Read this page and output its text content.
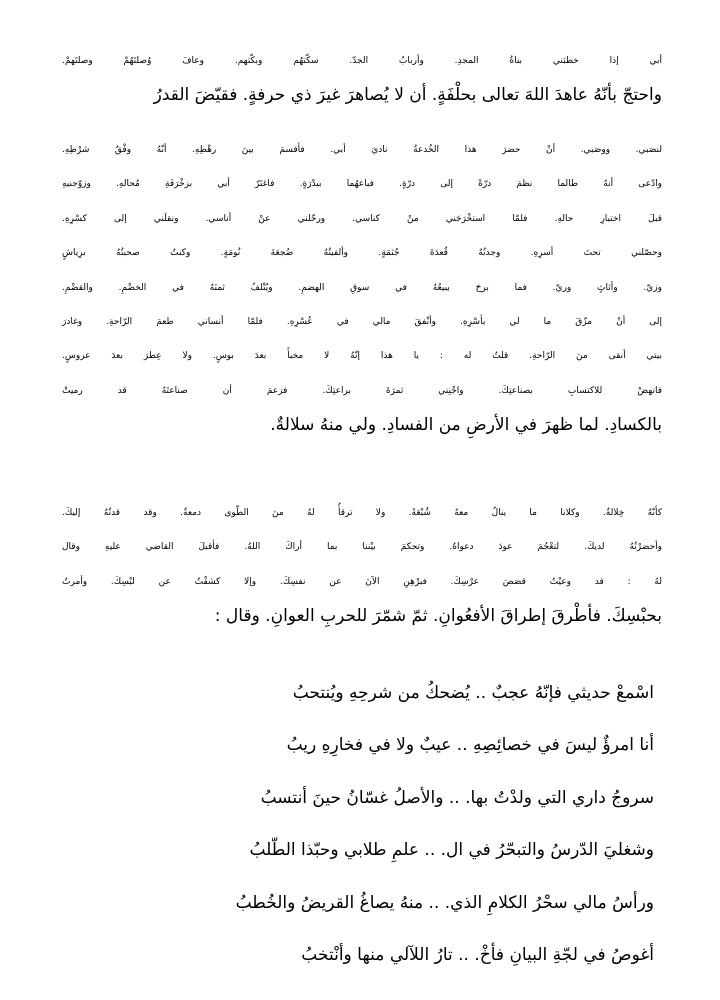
أبي إذا خطبَني بناةُ المجدِ. وأربابُ الجدّ. سكّتهُم وبكّتهم. وعافَ وُصلتَهُمْ وصلتَهمْ.
واحتجّ بأنّهُ عاهدَ اللهَ تعالى بحلْفَةٍ. أن لا يُصاهرَ غيرَ ذي حرفةٍ. فقيّضَ القدرُ
لنصَبي. ووصَبي. أنْ حضرَ هذا الخُدعةُ ناديَ أبي. فأقسمَ بينَ رهْطِهِ. أنّهُ وفْقُ شرْطِهِ.
وادّعى أنهُ طالما نظمَ درّةً إلى درّةٍ. فباعهُما ببدْرَةٍ. فاغتَرّ أبي بزخْرَفَةِ مُحالهِ. وزوّجنيهِ
قبلَ اختبارِ حالهِ. فلمّا استخْرَجَني منْ كناسي. ورحّلني عنْ أناسي. ونقلَني إلى كسْرِهِ.
وحصّلني تحتَ أسرِهِ. وجدتُهُ قُعدَةَ جُثمَةٍ. وألفيتُهُ ضُجعَةَ نُومَةٍ. وكنتُ صحبتُهُ برِياشٍ
وزيّ. وأثاثٍ وريّ. فما برحَ يبيعُهُ في سوقِ الهضمِ. ويُتْلفُ ثمنَهُ في الخضْمِ. والقضْمِ.
إلى أنْ مزّقَ ما لي بأسْرِهِ. وأنْفقَ مالي في عُسْرِهِ. فلمّا أنساني طعمَ الرّاحةِ. وغادرَ
بيتي أنقى منَ الرّاحةِ. قلتُ له : يا هذا إنّهُ لا مخبأَ بعدَ بوسٍ. ولا عِطرَ بعدَ عروسٍ.
فانهضْ للاكتسابِ بصناعتِكَ. واجْنِني ثمرَةَ براعتِكَ. فزعمَ أن صناعتَهُ قد رميتْ
بالكسادِ. لما ظهرَ في الأرضِ من الفسادِ. ولي منهُ سلالةٌ.
كأنّهُ خِلالةٌ. وكلانا ما ينالُ معهُ شُبْعَةً. ولا ترقأُ لهُ منَ الطّوى دمعةٌ. وقد قدتُهُ إليكَ.
وأحضرْتُهُ لديكَ. لتعْجُمَ عودَ دعواهُ. وتحكمَ بيْننا بما أراكَ اللهُ. فأقبلَ القاضي عليهِ وقال
لهُ : قد وعيْتُ قصَصَ عرْسِكَ. فبرْهِنِ الآنَ عن نفسِكَ. وإلا كشفْتُ عن لبْسِكَ. وأمرتُ
بحبْسِكَ. فأطْرقَ إطراقَ الأفعُوانِ. ثمّ شمّرَ للحربِ العوانِ. وقال :
اسْمعْ حديثي فإنّهُ عجبٌ .. يُضحكُ من شرحِهِ ويُنتحبُ
أنا امرؤٌ ليسَ في خصائِصِهِ .. عيبٌ ولا في فخارِهِ ريبُ
سروجُ داري التي ولدْتُ بها. .. والأصلُ غسّانُ حينَ أنتسبُ
وشغليَ الدّرسُ والتبحّرُ في ال. .. علمِ طلابي وحبّذا الطّلبُ
ورأسُ مالي سحْرُ الكلامِ الذي. .. منهُ يصاغُ القريضُ والخُطبُ
أغوصُ في لجّةِ البيانِ فأخْ. .. تارُ اللآلي منها وأنْتخبُ
